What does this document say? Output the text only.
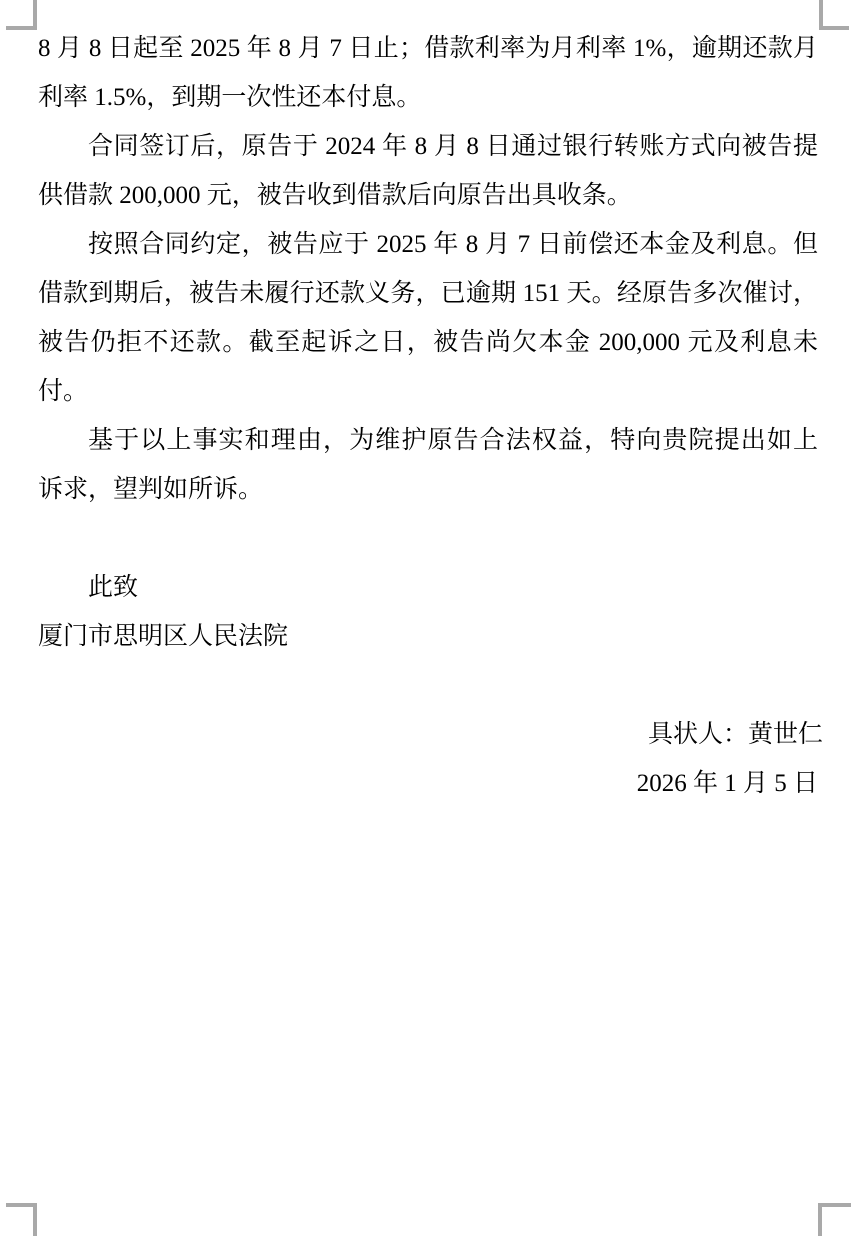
8 月 8 日起至 2025 年 8 月 7 日止；借款利率为月利率 1%，逾期还款月
利率 1.5%，到期一次性还本付息。
合同签订后，原告于 2024 年 8 月 8 日通过银行转账方式向被告提
供借款 200,000 元，被告收到借款后向原告出具收条。
按照合同约定，被告应于 2025 年 8 月 7 日前偿还本金及利息。但
借款到期后，被告未履行还款义务，已逾期 151 天。经原告多次催讨，
被告仍拒不还款。截至起诉之日，被告尚欠本金 200,000 元及利息未
付。
基于以上事实和理由，为维护原告合法权益，特向贵院提出如上
诉求，望判如所诉。
此致
厦门市思明区人民法院
具状人：黄世仁
2026 年 1 月 5 日
